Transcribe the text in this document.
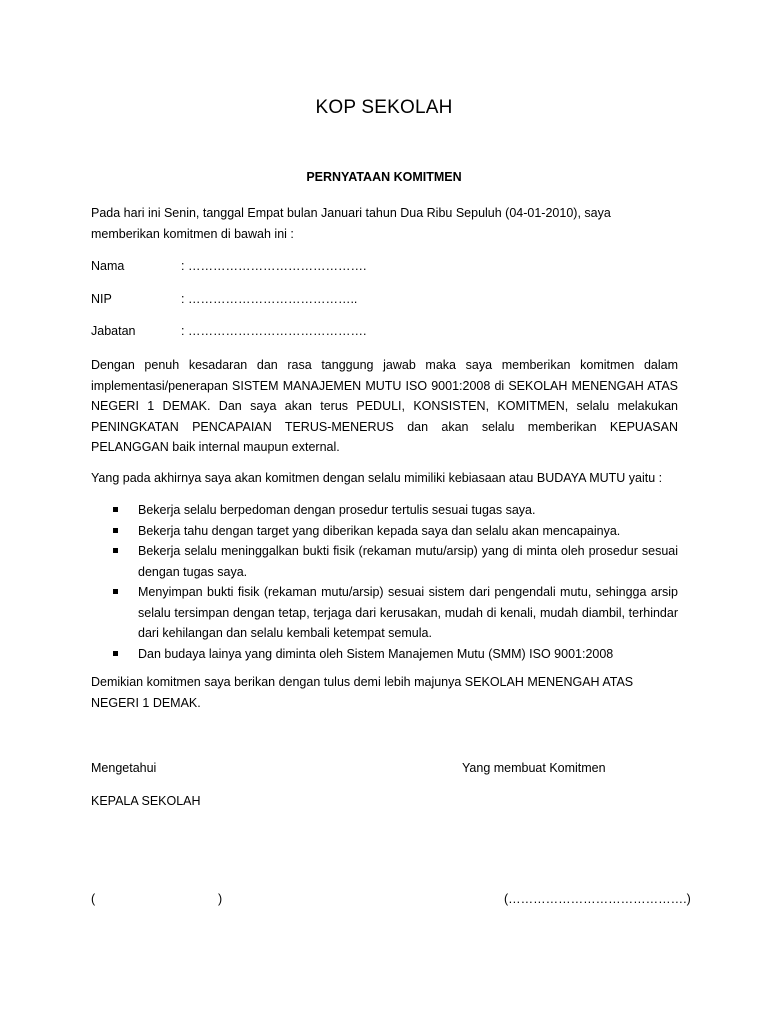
KOP SEKOLAH
PERNYATAAN KOMITMEN
Pada hari ini Senin, tanggal Empat bulan Januari tahun Dua Ribu Sepuluh (04-01-2010), saya memberikan komitmen di bawah ini :
Nama	: …………………………………….
NIP	: …………………………………..
Jabatan	: …………………………………….
Dengan penuh kesadaran dan rasa tanggung jawab maka saya memberikan komitmen dalam implementasi/penerapan SISTEM MANAJEMEN MUTU ISO 9001:2008 di SEKOLAH MENENGAH ATAS NEGERI 1 DEMAK. Dan saya akan terus PEDULI, KONSISTEN, KOMITMEN, selalu melakukan PENINGKATAN PENCAPAIAN TERUS-MENERUS dan akan selalu memberikan KEPUASAN PELANGGAN baik internal maupun external.
Yang pada akhirnya saya akan komitmen dengan selalu mimiliki kebiasaan atau BUDAYA MUTU yaitu :
Bekerja selalu berpedoman dengan prosedur tertulis sesuai tugas saya.
Bekerja tahu dengan target yang diberikan kepada saya dan selalu akan mencapainya.
Bekerja selalu meninggalkan bukti fisik (rekaman mutu/arsip) yang di minta oleh prosedur sesuai dengan tugas saya.
Menyimpan bukti fisik (rekaman mutu/arsip) sesuai sistem dari pengendali mutu, sehingga arsip selalu tersimpan dengan tetap, terjaga dari kerusakan, mudah di kenali, mudah diambil, terhindar dari kehilangan dan selalu kembali ketempat semula.
Dan budaya lainya yang diminta oleh Sistem Manajemen Mutu (SMM) ISO 9001:2008
Demikian komitmen saya berikan dengan tulus demi lebih majunya SEKOLAH MENENGAH ATAS NEGERI 1 DEMAK.
Mengetahui	Yang membuat Komitmen
KEPALA SEKOLAH
(	)	(…………………………………….)
